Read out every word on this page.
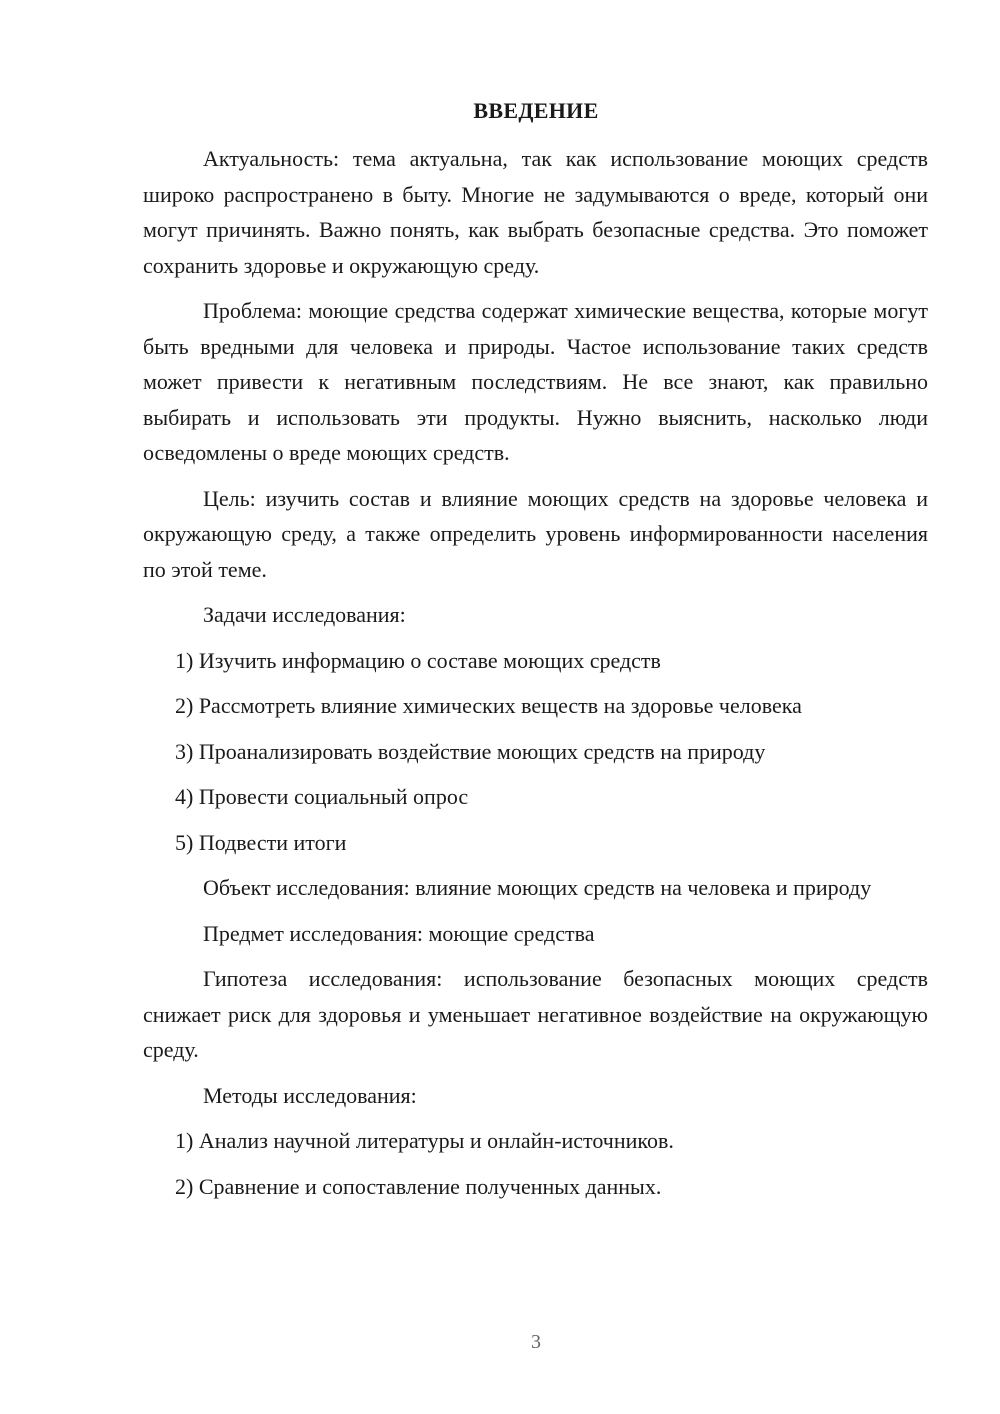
ВВЕДЕНИЕ

Актуальность: тема актуальна, так как использование моющих средств широко распространено в быту. Многие не задумываются о вреде, который они могут причинять. Важно понять, как выбрать безопасные средства. Это поможет сохранить здоровье и окружающую среду.

Проблема: моющие средства содержат химические вещества, которые могут быть вредными для человека и природы. Частое использование таких средств может привести к негативным последствиям. Не все знают, как правильно выбирать и использовать эти продукты. Нужно выяснить, насколько люди осведомлены о вреде моющих средств.

Цель: изучить состав и влияние моющих средств на здоровье человека и окружающую среду, а также определить уровень информированности населения по этой теме.

Задачи исследования:

1) Изучить информацию о составе моющих средств
2) Рассмотреть влияние химических веществ на здоровье человека
3) Проанализировать воздействие моющих средств на природу
4) Провести социальный опрос
5) Подвести итоги

Объект исследования: влияние моющих средств на человека и природу

Предмет исследования: моющие средства

Гипотеза исследования: использование безопасных моющих средств снижает риск для здоровья и уменьшает негативное воздействие на окружающую среду.

Методы исследования:

1) Анализ научной литературы и онлайн-источников.
2) Сравнение и сопоставление полученных данных.
3
